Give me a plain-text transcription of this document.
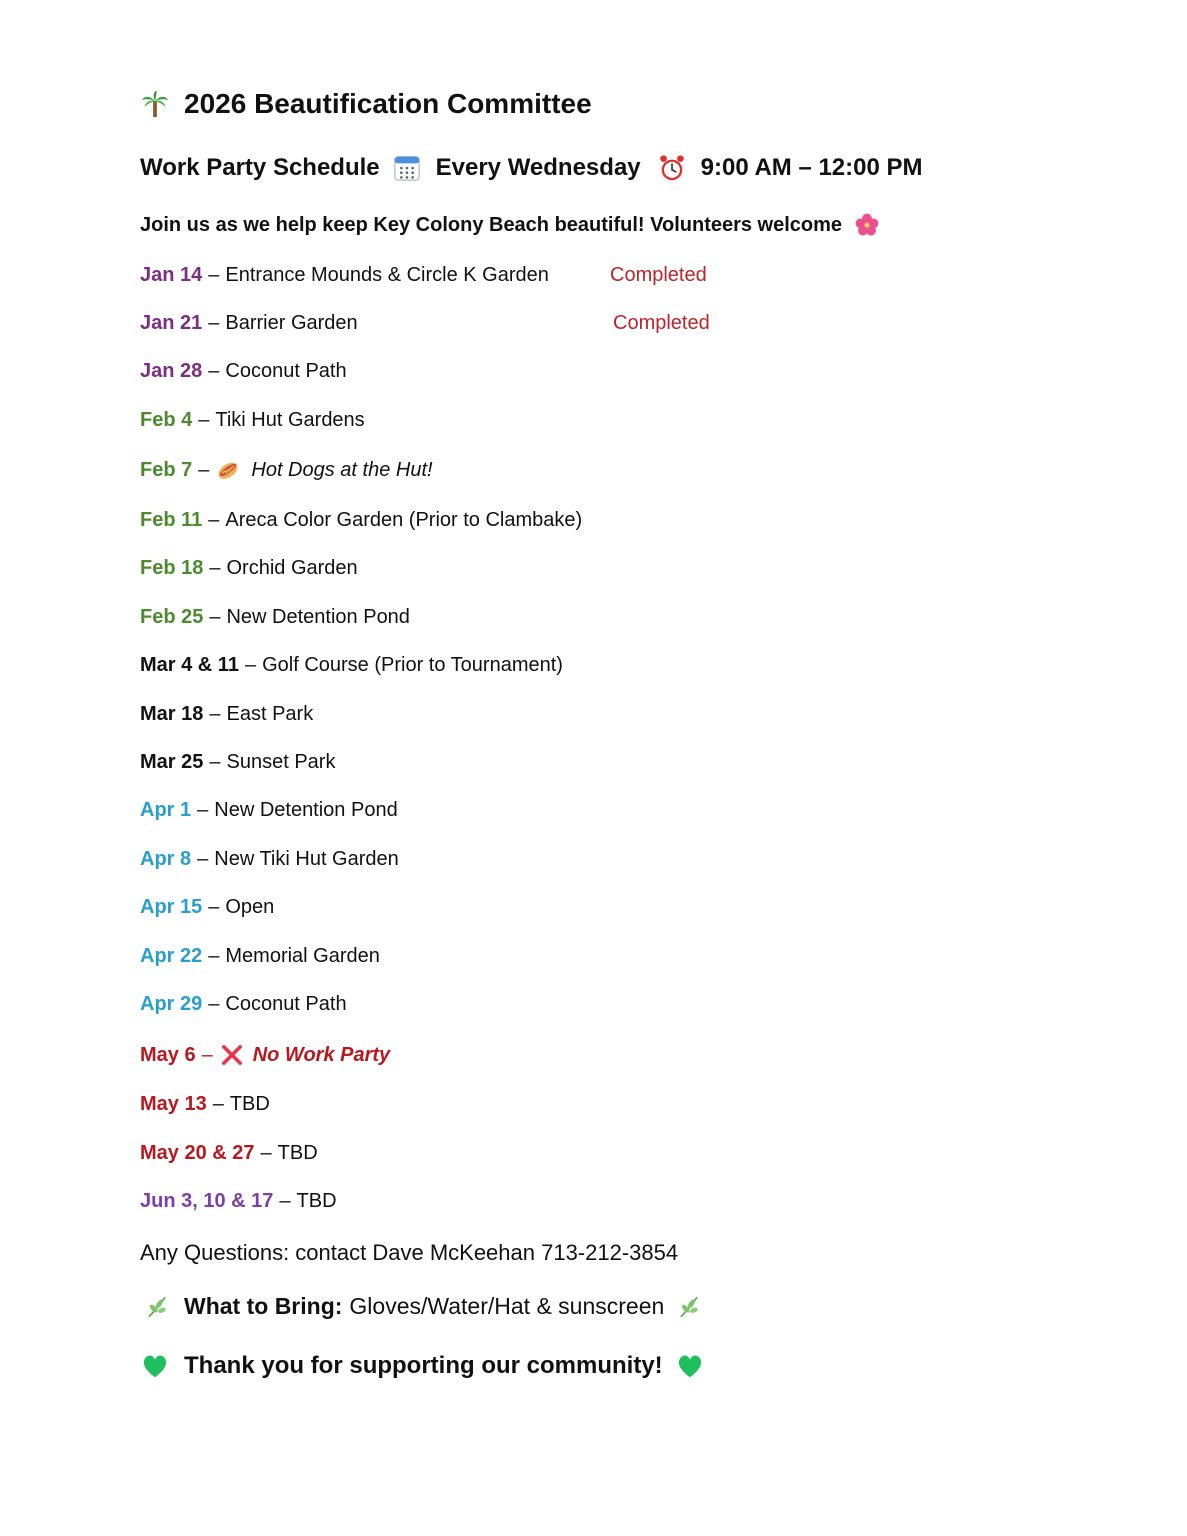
2026 Beautification Committee
Work Party Schedule Every Wednesday	9:00 AM – 12:00 PM
Join us as we help keep Key Colony Beach beautiful! Volunteers welcome
Jan 14 – Entrance Mounds & Circle K Garden	Completed
Jan 21 – Barrier Garden	Completed
Jan 28 – Coconut Path
Feb 4 – Tiki Hut Gardens
Feb 7 – Hot Dogs at the Hut!
Feb 11 – Areca Color Garden (Prior to Clambake)
Feb 18 – Orchid Garden
Feb 25 – New Detention Pond
Mar 4 & 11 – Golf Course (Prior to Tournament)
Mar 18 – East Park
Mar 25 – Sunset Park
Apr 1 – New Detention Pond
Apr 8 – New Tiki Hut Garden
Apr 15 – Open
Apr 22 – Memorial Garden
Apr 29 – Coconut Path
May 6 – No Work Party
May 13 – TBD
May 20 & 27 – TBD
Jun 3, 10 & 17 – TBD
Any Questions: contact Dave McKeehan 713-212-3854
What to Bring: Gloves/Water/Hat & sunscreen
Thank you for supporting our community!
